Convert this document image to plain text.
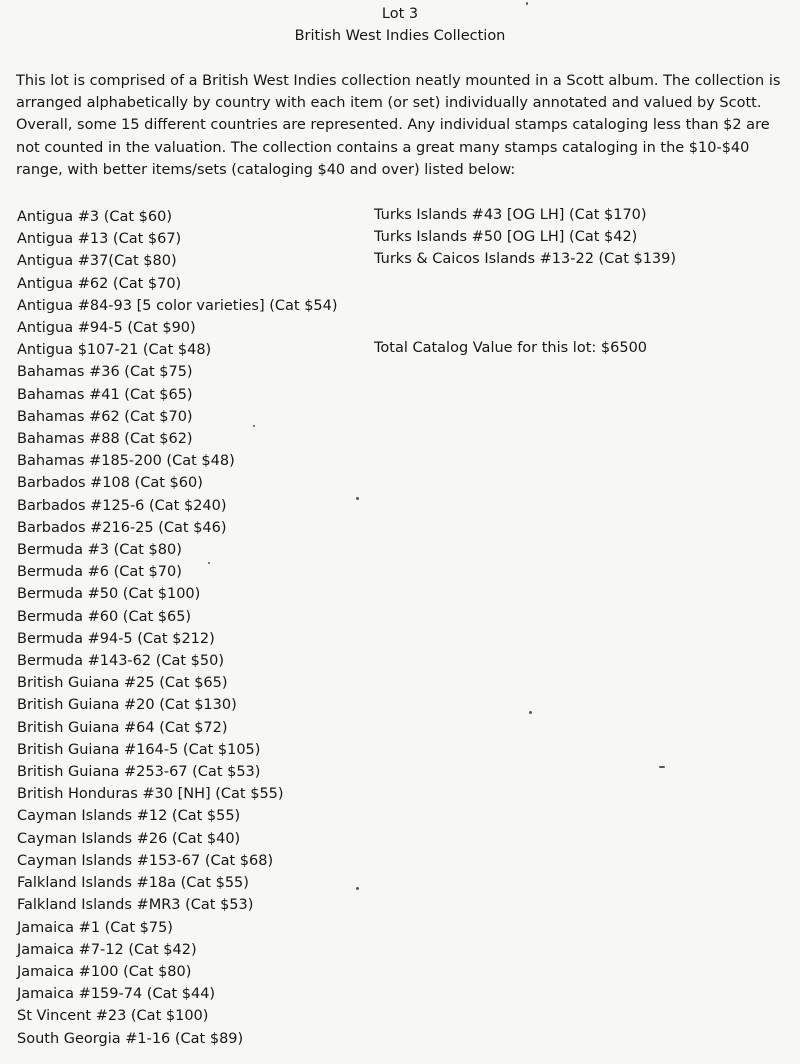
Lot 3
British West Indies Collection
This lot is comprised of a British West Indies collection neatly mounted in a Scott album. The collection is arranged alphabetically by country with each item (or set) individually annotated and valued by Scott. Overall, some 15 different countries are represented. Any individual stamps cataloging less than $2 are not counted in the valuation. The collection contains a great many stamps cataloging in the $10-$40 range, with better items/sets (cataloging $40 and over) listed below:
Antigua #3 (Cat $60)
Antigua #13 (Cat $67)
Antigua #37(Cat $80)
Antigua #62 (Cat $70)
Antigua #84-93 [5 color varieties] (Cat $54)
Antigua #94-5 (Cat $90)
Antigua $107-21 (Cat $48)
Bahamas #36 (Cat $75)
Bahamas #41 (Cat $65)
Bahamas #62 (Cat $70)
Bahamas #88 (Cat $62)
Bahamas #185-200 (Cat $48)
Barbados #108 (Cat $60)
Barbados #125-6 (Cat $240)
Barbados #216-25 (Cat $46)
Bermuda #3 (Cat $80)
Bermuda #6 (Cat $70)
Bermuda #50 (Cat $100)
Bermuda #60 (Cat $65)
Bermuda #94-5 (Cat $212)
Bermuda #143-62 (Cat $50)
British Guiana #25 (Cat $65)
British Guiana #20 (Cat $130)
British Guiana #64 (Cat $72)
British Guiana #164-5 (Cat $105)
British Guiana #253-67 (Cat $53)
British Honduras #30 [NH] (Cat $55)
Cayman Islands #12 (Cat $55)
Cayman Islands #26 (Cat $40)
Cayman Islands #153-67 (Cat $68)
Falkland Islands #18a (Cat $55)
Falkland Islands #MR3 (Cat $53)
Jamaica #1 (Cat $75)
Jamaica #7-12 (Cat $42)
Jamaica #100 (Cat $80)
Jamaica #159-74 (Cat $44)
St Vincent #23 (Cat $100)
South Georgia #1-16 (Cat $89)
Turks Islands #43 [OG LH] (Cat $170)
Turks Islands #50 [OG LH] (Cat $42)
Turks & Caicos Islands #13-22 (Cat $139)
Total Catalog Value for this lot: $6500
